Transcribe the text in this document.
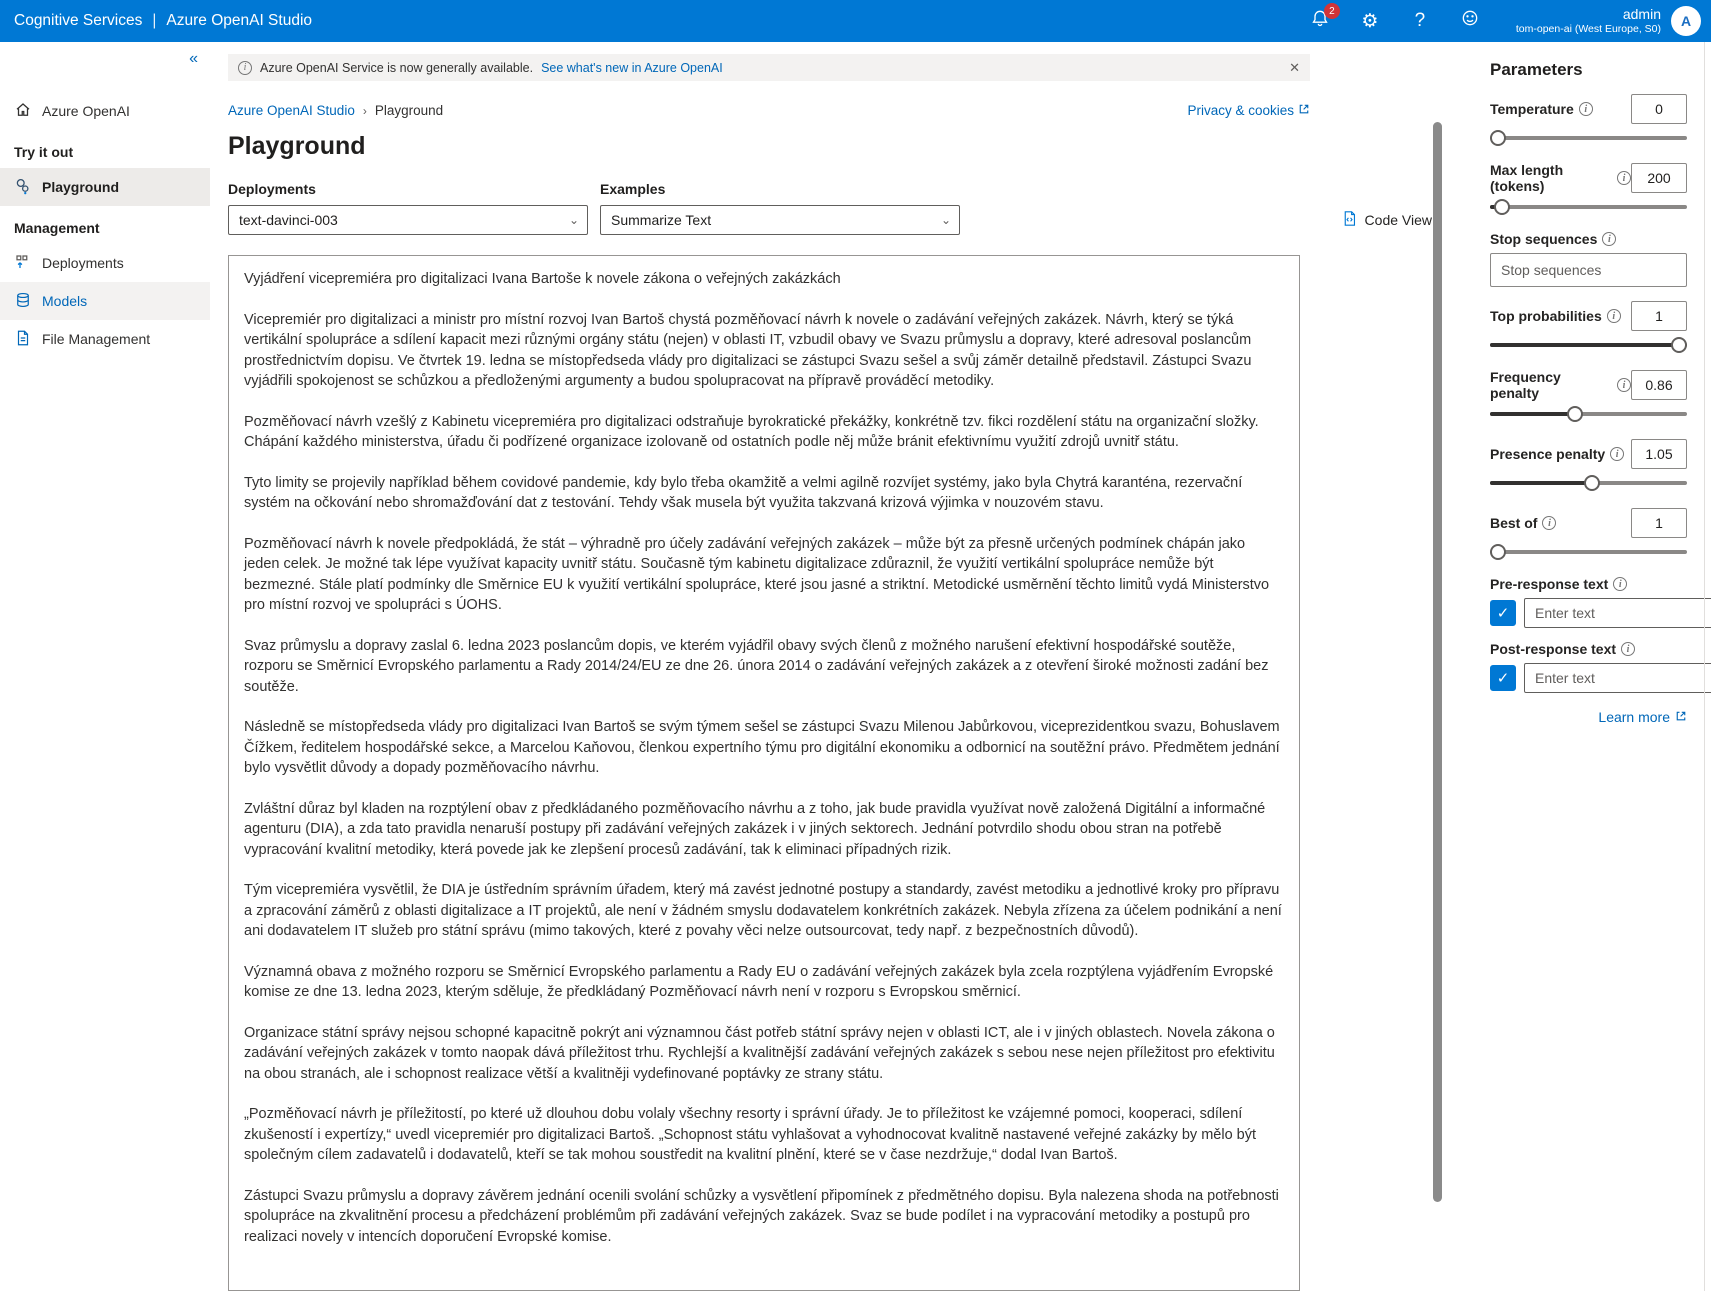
Cognitive Services | Azure OpenAI Studio
2 ⚙ ?	admin
tom-open-ai (West Europe, S0)
A
«
Azure OpenAI
Try it out
Playground
Management
Deployments
Models
File Management
i	Azure OpenAI Service is now generally available. See what's new in Azure OpenAI	✕
Azure OpenAI Studio › Playground	Privacy & cookies
Playground
Deployments	Examples
text-davinci-003	⌄ Summarize Text	⌄	Code View

Vyjádření vicepremiéra pro digitalizaci Ivana Bartoše k novele zákona o veřejných zakázkách

Vicepremiér pro digitalizaci a ministr pro místní rozvoj Ivan Bartoš chystá pozměňovací návrh k novele o zadávání veřejných zakázek. Návrh, který se týká vertikální spolupráce a sdílení kapacit mezi různými orgány státu (nejen) v oblasti IT, vzbudil obavy ve Svazu průmyslu a dopravy, které adresoval poslancům prostřednictvím dopisu. Ve čtvrtek 19. ledna se místopředseda vlády pro digitalizaci se zástupci Svazu sešel a svůj záměr detailně představil. Zástupci Svazu vyjádřili spokojenost se schůzkou a předloženými argumenty a budou spolupracovat na přípravě prováděcí metodiky.

Pozměňovací návrh vzešlý z Kabinetu vicepremiéra pro digitalizaci odstraňuje byrokratické překážky, konkrétně tzv. fikci rozdělení státu na organizační složky. Chápání každého ministerstva, úřadu či podřízené organizace izolovaně od ostatních podle něj může bránit efektivnímu využití zdrojů uvnitř státu.

Tyto limity se projevily například během covidové pandemie, kdy bylo třeba okamžitě a velmi agilně rozvíjet systémy, jako byla Chytrá karanténa, rezervační systém na očkování nebo shromažďování dat z testování. Tehdy však musela být využita takzvaná krizová výjimka v nouzovém stavu.

Pozměňovací návrh k novele předpokládá, že stát – výhradně pro účely zadávání veřejných zakázek – může být za přesně určených podmínek chápán jako jeden celek. Je možné tak lépe využívat kapacity uvnitř státu. Současně tým kabinetu digitalizace zdůraznil, že využití vertikální spolupráce nemůže být bezmezné. Stále platí podmínky dle Směrnice EU k využití vertikální spolupráce, které jsou jasné a striktní. Metodické usměrnění těchto limitů vydá Ministerstvo pro místní rozvoj ve spolupráci s ÚOHS.

Svaz průmyslu a dopravy zaslal 6. ledna 2023 poslancům dopis, ve kterém vyjádřil obavy svých členů z možného narušení efektivní hospodářské soutěže, rozporu se Směrnicí Evropského parlamentu a Rady 2014/24/EU ze dne 26. února 2014 o zadávání veřejných zakázek a z otevření široké možnosti zadání bez soutěže.

Následně se místopředseda vlády pro digitalizaci Ivan Bartoš se svým týmem sešel se zástupci Svazu Milenou Jabůrkovou, viceprezidentkou svazu, Bohuslavem Čížkem, ředitelem hospodářské sekce, a Marcelou Kaňovou, členkou expertního týmu pro digitální ekonomiku a odbornicí na soutěžní právo. Předmětem jednání bylo vysvětlit důvody a dopady pozměňovacího návrhu.

Zvláštní důraz byl kladen na rozptýlení obav z předkládaného pozměňovacího návrhu a z toho, jak bude pravidla využívat nově založená Digitální a informačné agenturu (DIA), a zda tato pravidla nenaruší postupy při zadávání veřejných zakázek i v jiných sektorech. Jednání potvrdilo shodu obou stran na potřebě vypracování kvalitní metodiky, která povede jak ke zlepšení procesů zadávání, tak k eliminaci případných rizik.

Tým vicepremiéra vysvětlil, že DIA je ústředním správním úřadem, který má zavést jednotné postupy a standardy, zavést metodiku a jednotlivé kroky pro přípravu a zpracování záměrů z oblasti digitalizace a IT projektů, ale není v žádném smyslu dodavatelem konkrétních zakázek. Nebyla zřízena za účelem podnikání a není ani dodavatelem IT služeb pro státní správu (mimo takových, které z povahy věci nelze outsourcovat, tedy např. z bezpečnostních důvodů).

Významná obava z možného rozporu se Směrnicí Evropského parlamentu a Rady EU o zadávání veřejných zakázek byla zcela rozptýlena vyjádřením Evropské komise ze dne 13. ledna 2023, kterým sděluje, že předkládaný Pozměňovací návrh není v rozporu s Evropskou směrnicí.

Organizace státní správy nejsou schopné kapacitně pokrýt ani významnou část potřeb státní správy nejen v oblasti ICT, ale i v jiných oblastech. Novela zákona o zadávání veřejných zakázek v tomto naopak dává příležitost trhu. Rychlejší a kvalitnější zadávání veřejných zakázek s sebou nese nejen příležitost pro efektivitu na obou stranách, ale i schopnost realizace větší a kvalitněji vydefinované poptávky ze strany státu.

„Pozměňovací návrh je příležitostí, po které už dlouhou dobu volaly všechny resorty i správní úřady. Je to příležitost ke vzájemné pomoci, kooperaci, sdílení zkušeností i expertízy,“ uvedl vicepremiér pro digitalizaci Bartoš. „Schopnost státu vyhlašovat a vyhodnocovat kvalitně nastavené veřejné zakázky by mělo být společným cílem zadavatelů i dodavatelů, kteří se tak mohou soustředit na kvalitní plnění, které se v čase nezdržuje,“ dodal Ivan Bartoš.

Zástupci Svazu průmyslu a dopravy závěrem jednání ocenili svolání schůzky a vysvětlení připomínek z předmětného dopisu. Byla nalezena shoda na potřebnosti spolupráce na zkvalitnění procesu a předcházení problémům při zadávání veřejných zakázek. Svaz se bude podílet i na vypracování metodiky a postupů pro realizaci novely v intencích doporučení Evropské komise.

Parameters
Temperature	i
0
Max length (tokens)	i
200
Stop sequences	i
Stop sequences
Top probabilities	i
1
Frequency penalty	i
0.86
Presence penalty	i
1.05
Best of	i
1
Pre-response text	i
✓
Enter text
Post-response text	i
✓
Enter text
Learn more
